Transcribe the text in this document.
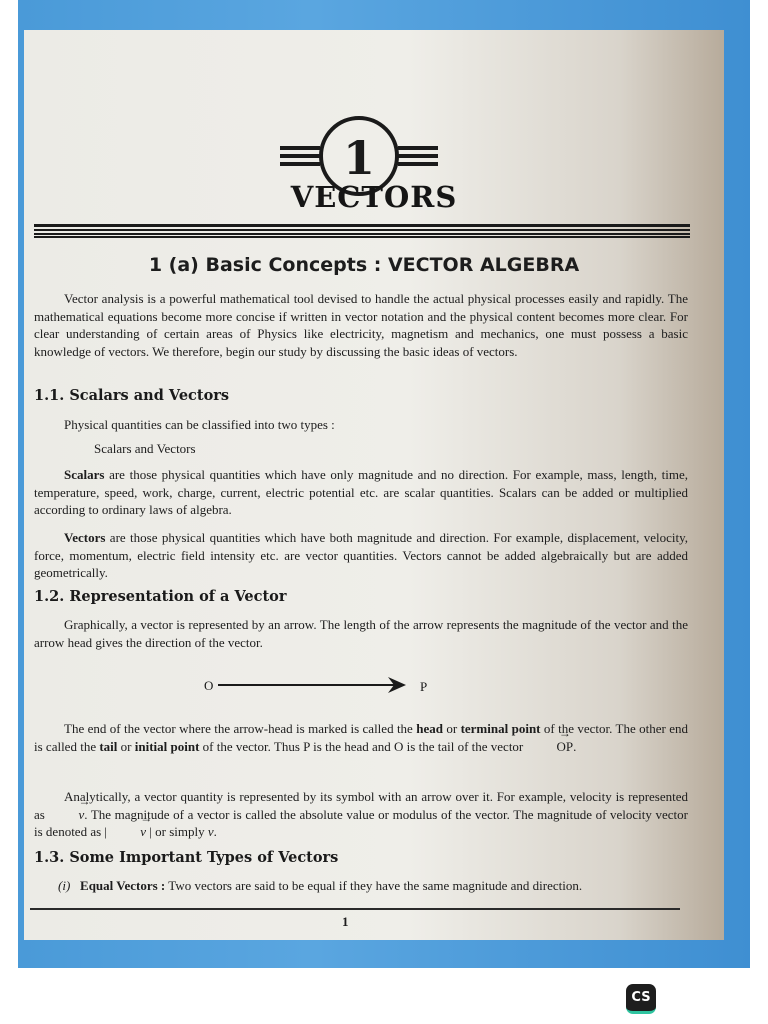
1
VECTORS
1 (a) Basic Concepts : VECTOR ALGEBRA

Vector analysis is a powerful mathematical tool devised to handle the actual physical processes easily and rapidly. The mathematical equations become more concise if written in vector notation and the physical content becomes more clear. For clear understanding of certain areas of Physics like electricity, magnetism and mechanics, one must possess a basic knowledge of vectors. We therefore, begin our study by discussing the basic ideas of vectors.

1.1. Scalars and Vectors
Physical quantities can be classified into two types :
Scalars and Vectors

Scalars are those physical quantities which have only magnitude and no direction. For example, mass, length, time, temperature, speed, work, charge, current, electric potential etc. are scalar quantities. Scalars can be added or multiplied according to ordinary laws of algebra.

Vectors are those physical quantities which have both magnitude and direction. For example, displacement, velocity, force, momentum, electric field intensity etc. are vector quantities. Vectors cannot be added algebraically but are added geometrically.

1.2. Representation of a Vector

Graphically, a vector is represented by an arrow. The length of the arrow represents the magnitude of the vector and the arrow head gives the direction of the vector.

O	P

The end of the vector where the arrow-head is marked is called the head or terminal point of the vector. The other end is called the tail or initial point of the vector. Thus P is the head and O is the tail of the vector → OP.

Analytically, a vector quantity is represented by its symbol with an arrow over it. For example, velocity is represented as → v. The magnitude of a vector is called the absolute value or modulus of the vector. The magnitude of velocity vector is denoted as | → v | or simply v.

1.3. Some Important Types of Vectors
(i) Equal Vectors : Two vectors are said to be equal if they have the same magnitude and direction.
1
CS
